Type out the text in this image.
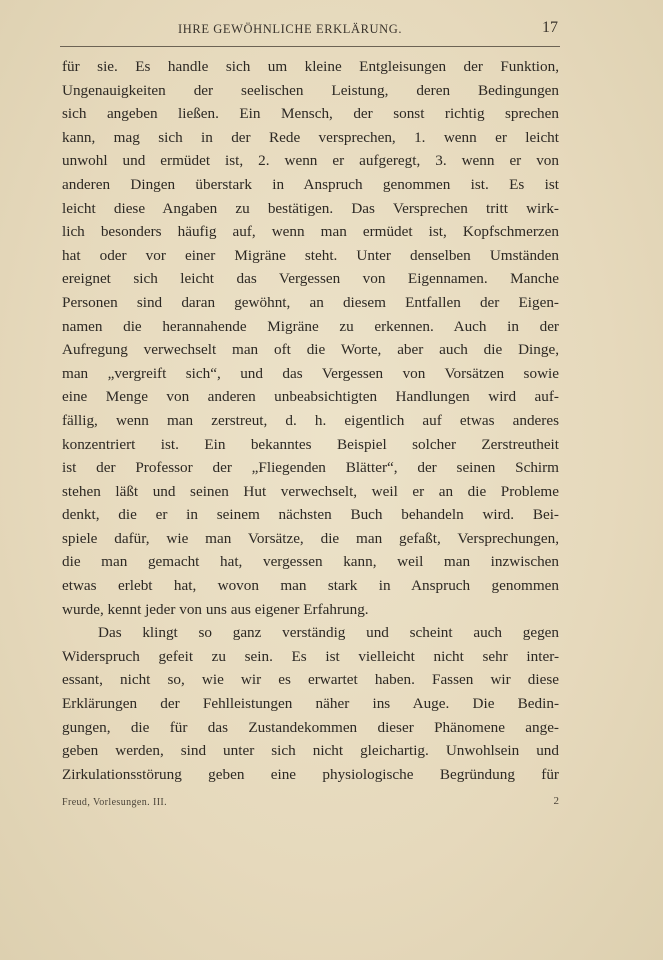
IHRE GEWÖHNLICHE ERKLÄRUNG.	17
für sie. Es handle sich um kleine Entgleisungen der Funktion,
Ungenauigkeiten der seelischen Leistung, deren Bedingungen
sich angeben ließen. Ein Mensch, der sonst richtig sprechen
kann, mag sich in der Rede versprechen, 1. wenn er leicht
unwohl und ermüdet ist, 2. wenn er aufgeregt, 3. wenn er von
anderen Dingen überstark in Anspruch genommen ist. Es ist
leicht diese Angaben zu bestätigen. Das Versprechen tritt wirk-
lich besonders häufig auf, wenn man ermüdet ist, Kopfschmerzen
hat oder vor einer Migräne steht. Unter denselben Umständen
ereignet sich leicht das Vergessen von Eigennamen. Manche
Personen sind daran gewöhnt, an diesem Entfallen der Eigen-
namen die herannahende Migräne zu erkennen. Auch in der
Aufregung verwechselt man oft die Worte, aber auch die Dinge,
man „vergreift sich“, und das Vergessen von Vorsätzen sowie
eine Menge von anderen unbeabsichtigten Handlungen wird auf-
fällig, wenn man zerstreut, d. h. eigentlich auf etwas anderes
konzentriert ist. Ein bekanntes Beispiel solcher Zerstreutheit
ist der Professor der „Fliegenden Blätter“, der seinen Schirm
stehen läßt und seinen Hut verwechselt, weil er an die Probleme
denkt, die er in seinem nächsten Buch behandeln wird. Bei-
spiele dafür, wie man Vorsätze, die man gefaßt, Versprechungen,
die man gemacht hat, vergessen kann, weil man inzwischen
etwas erlebt hat, wovon man stark in Anspruch genommen
wurde, kennt jeder von uns aus eigener Erfahrung.
Das klingt so ganz verständig und scheint auch gegen
Widerspruch gefeit zu sein. Es ist vielleicht nicht sehr inter-
essant, nicht so, wie wir es erwartet haben. Fassen wir diese
Erklärungen der Fehlleistungen näher ins Auge. Die Bedin-
gungen, die für das Zustandekommen dieser Phänomene ange-
geben werden, sind unter sich nicht gleichartig. Unwohlsein und
Zirkulationsstörung geben eine physiologische Begründung für
Freud, Vorlesungen. III.	2
